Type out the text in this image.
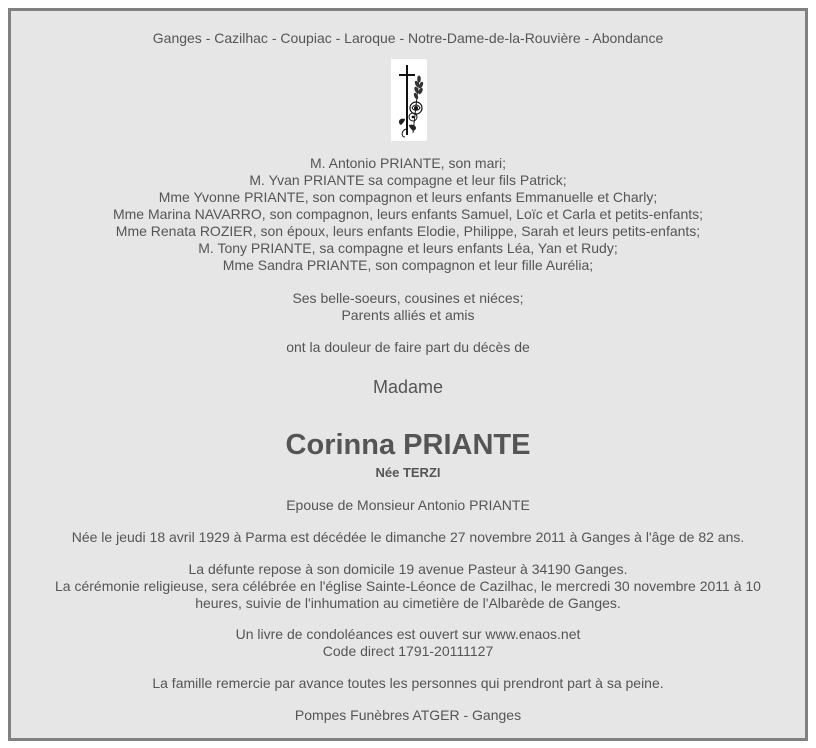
Ganges - Cazilhac - Coupiac - Laroque - Notre-Dame-de-la-Rouvière - Abondance
M. Antonio PRIANTE, son mari;
M. Yvan PRIANTE sa compagne et leur fils Patrick;
Mme Yvonne PRIANTE, son compagnon et leurs enfants Emmanuelle et Charly;
Mme Marina NAVARRO, son compagnon, leurs enfants Samuel, Loïc et Carla et petits-enfants;
Mme Renata ROZIER, son époux, leurs enfants Elodie, Philippe, Sarah et leurs petits-enfants;
M. Tony PRIANTE, sa compagne et leurs enfants Léa, Yan et Rudy;
Mme Sandra PRIANTE, son compagnon et leur fille Aurélia;
Ses belle-soeurs, cousines et niéces;
Parents alliés et amis
ont la douleur de faire part du décès de
Madame
Corinna PRIANTE
Née TERZI
Epouse de Monsieur Antonio PRIANTE
Née le jeudi 18 avril 1929 à Parma est décédée le dimanche 27 novembre 2011 à Ganges à l'âge de 82 ans.
La défunte repose à son domicile 19 avenue Pasteur à 34190 Ganges.
La cérémonie religieuse, sera célébrée en l'église Sainte-Léonce de Cazilhac, le mercredi 30 novembre 2011 à 10 heures, suivie de l'inhumation au cimetière de l'Albarède de Ganges.
Un livre de condoléances est ouvert sur www.enaos.net
Code direct 1791-20111127
La famille remercie par avance toutes les personnes qui prendront part à sa peine.
Pompes Funèbres ATGER - Ganges
